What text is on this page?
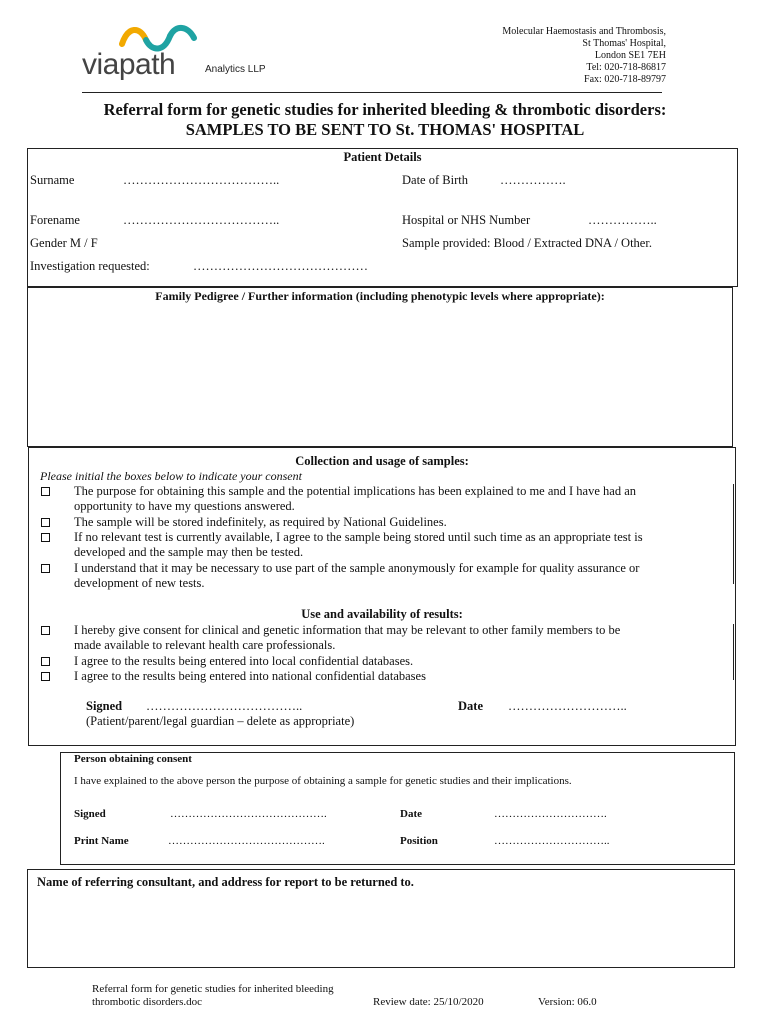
viapath	Analytics LLP
Molecular Haemostasis and Thrombosis,
St Thomas' Hospital,
London SE1 7EH
Tel: 020-718-86817
Fax: 020-718-89797
Referral form for genetic studies for inherited bleeding & thrombotic disorders:
SAMPLES TO BE SENT TO St. THOMAS' HOSPITAL
Patient Details
Surname	………………………………..	Date of Birth	…………….
Forename	………………………………..	Hospital or NHS Number	……………..
Gender M / F	Sample provided: Blood / Extracted DNA / Other.
Investigation requested:	……………………………………
Family Pedigree / Further information (including phenotypic levels where appropriate):
Collection and usage of samples:
Please initial the boxes below to indicate your consent
The purpose for obtaining this sample and the potential implications has been explained to me and I have had an
opportunity to have my questions answered.
The sample will be stored indefinitely, as required by National Guidelines.
If no relevant test is currently available, I agree to the sample being stored until such time as an appropriate test is
developed and the sample may then be tested.
I understand that it may be necessary to use part of the sample anonymously for example for quality assurance or
development of new tests.
Use and availability of results:
I hereby give consent for clinical and genetic information that may be relevant to other family members to be
made available to relevant health care professionals.
I agree to the results being entered into local confidential databases.
I agree to the results being entered into national confidential databases
Signed ………………………………..	Date ………………………..
(Patient/parent/legal guardian – delete as appropriate)
Person obtaining consent
I have explained to the above person the purpose of obtaining a sample for genetic studies and their implications.
Signed	…………………………………….	Date	………………………….
Print Name	…………………………………….	Position	…………………………..
Name of referring consultant, and address for report to be returned to.
Referral form for genetic studies for inherited bleeding
thrombotic disorders.doc	Review date: 25/10/2020	Version: 06.0
